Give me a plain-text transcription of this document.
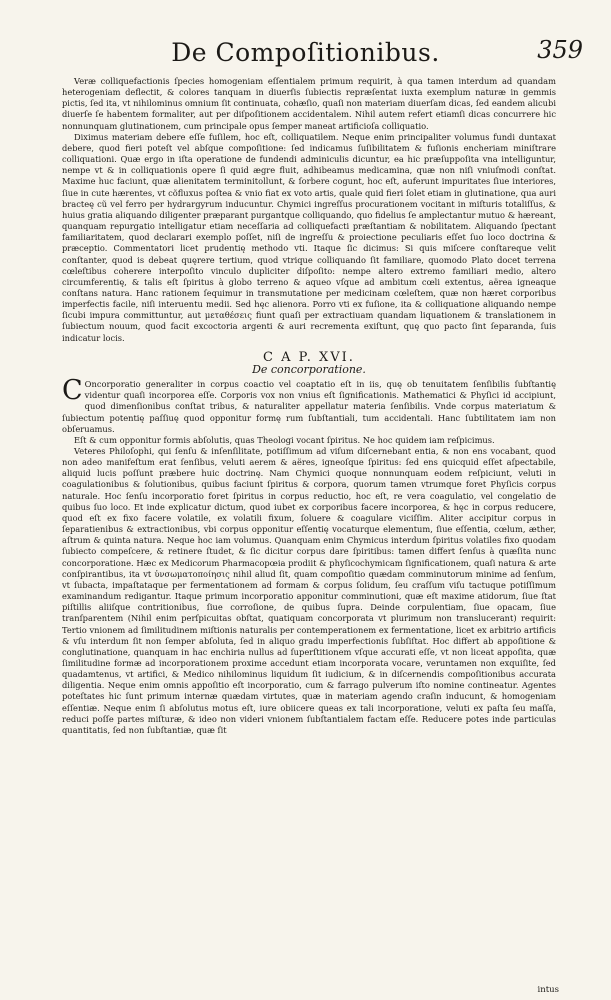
De Compoſitionibus.	359

Veræ colliquefactionis ſpecies homogeniam eſſentialem primum requirit, à qua tamen interdum ad quandam heterogeniam deflectit, & colores tanquam in diuerſis ſubiectis repræſentat iuxta exemplum naturæ in gemmis pictis, ſed ita, vt nihilominus omnium ſit continuata, cohæſio, quaſi non materiam diuerſam dicas, ſed eandem alicubi diuerſe ſe habentem formaliter, aut per diſpoſitionem accidentalem. Nihil autem refert etiamſi dicas concurrere hic nonnunquam glutinationem, cum principale opus ſemper maneat artificioſa colliquatio.

Diximus materiam debere eſſe fuſilem, hoc eſt, colliquatilem. Neque enim principaliter volumus fundi duntaxat debere, quod fieri poteſt vel abſque compoſitione: ſed indicamus ſuſibilitatem & fuſionis encheriam miniſtrare colliquationi. Quæ ergo in iſta operatione de fundendi adminiculis dicuntur, ea hic præſuppoſita vna intelliguntur, nempe vt & in colliquationis opere ſi quid ægre fluit, adhibeamus medicamina, quæ non niſi vniuſmodi conſtat. Maxime huc faciunt, quæ alienitatem terminitollunt, & ſorbere cogunt, hoc eſt, auferunt impuritates ſiue interiores, ſiue in cute hærentes, vt cõfluxus poſtea & vnio fiat ex voto artis, quale quid fieri ſolet etiam in glutinatione, qua auri bracteę cũ vel ferro per hydrargyrum inducuntur. Chymici ingreſſus procurationem vocitant in miſturis totaliſſus, & huius gratia aliquando diligenter præparant purgantque colliquando, quo fidelius ſe amplectantur mutuo & hæreant, quanquam repurgatio intelligatur etiam neceſſaria ad colliquefacti præſtantiam & nobilitatem. Aliquando ſpectant familiaritatem, quod declarari exemplo poſſet, niſi de ingreſſu & proiectione peculiaris eſſet ſuo loco doctrina & præceptio. Commentatori licet prudentię methodo vti. Itaque ſic dicimus: Si quis miſcere conſtareque velit conſtanter, quod is debeat quęrere tertium, quod vtrique colliquando ſit familiare, quomodo Plato docet terrena cœleſtibus coherere interpoſito vinculo dupliciter diſpoſito: nempe altero extremo familiari medio, altero circumferentię, & talis eſt ſpiritus à globo terreno & aqueo vſque ad ambitum cœli extentus, aërea igneaque conſtans natura. Hanc rationem ſequimur in transmutatione per medicinam cœleſtem, quæ non hæret corporibus imperfectis facile, niſi interuentu medii. Sed hęc alienora. Porro vti ex fuſione, ita & colliquatione aliquando nempe ſicubi impura committuntur, aut μεταθέσεις fiunt quaſi per extractiuam quandam liquationem & translationem in ſubiectum nouum, quod facit excoctoria argenti & auri recrementa exiſtunt, quę quo pacto ſint ſeparanda, ſuis indicatur locis.

C A P. XVI.
De concorporatione.

C Oncorporatio generaliter in corpus coactio vel coaptatio eſt in iis, quę ob tenuitatem ſenſibilis ſubſtantię videntur quaſi incorporea eſſe. Corporis vox non vnius eſt ſignificationis. Mathematici & Phyſici id accipiunt, quod dimenſionibus conſtat tribus, & naturaliter appellatur materia ſenſibilis. Vnde corpus materiatum & ſubiectum potentię paſſiuę quod opponitur formę rum ſubſtantiali, tum accidentali. Hanc ſubtilitatem iam non obſeruamus.

Eſt & cum opponitur formis abſolutis, quas Theologi vocant ſpiritus. Ne hoc quidem iam reſpicimus.

Veteres Philoſophi, qui ſenſu & inſenſilitate, potiſſimum ad viſum diſcernebant entia, & non ens vocabant, quod non adeo manifeſtum erat ſenſibus, veluti aerem & aëres, igneoſque ſpiritus: ſed ens quicquid eſſet aſpectabile, aliquid lucis poſſunt præbere huic doctrinę. Nam Chymici quoque nonnunquam eodem reſpiciunt, veluti in coagulationibus & ſolutionibus, quibus faciunt ſpiritus & corpora, quorum tamen vtrumque foret Phyſicis corpus naturale. Hoc ſenſu incorporatio foret ſpiritus in corpus reductio, hoc eſt, re vera coagulatio, vel congelatio de quibus ſuo loco. Et inde explicatur dictum, quod iubet ex corporibus facere incorporea, & hęc in corpus reducere, quod eſt ex fixo facere volatile, ex volatili fixum, ſoluere & coagulare viciſſim. Aliter accipitur corpus in ſeparatienibus & extractionibus, vbi corpus opponitur eſſentię vocaturque elementum, ſiue eſſentia, cœlum, æther, aſtrum & quinta natura. Neque hoc iam volumus. Quanquam enim Chymicus interdum ſpiritus volatiles fixo quodam ſubiecto compeſcere, & retinere ſtudet, & ſic dicitur corpus dare ſpiritibus: tamen differt ſenſus à quæſita nunc concorporatione. Hæc ex Medicorum Pharmacopœia prodiit & phyſicochymicam ſignificationem, quaſi natura & arte conſpirantibus, ita vt ὑνσωματοποίησις nihil aliud ſit, quam compoſitio quædam comminutorum minime ad ſenſum, vt ſubacta, impaſtataque per fermentationem ad formam & corpus ſolidum, ſeu craſſum viſu tactuque potiſſimum examinandum redigantur. Itaque primum incorporatio apponitur comminutioni, quæ eſt maxime atidorum, ſiue ſtat piſtillis aliiſque contritionibus, ſiue corroſione, de quibus ſupra. Deinde corpulentiam, ſiue opacam, ſiue tranſparentem (Nihil enim perſpicuitas obſtat, quatiquam concorporata vt plurimum non translucerant) requirit: Tertio vnionem ad ſimilitudinem miſtionis naturalis per contemperationem ex fermentatione, licet ex arbitrio artificis & vſu interdum ſit non ſemper abſoluta, ſed in aliquo gradu imperfectionis ſubſiſtat. Hoc differt ab appoſitione & conglutinatione, quanquam in hac enchiria nullus ad ſuperſtitionem vſque accurati eſſe, vt non liceat appoſita, quæ ſimilitudine formæ ad incorporationem proxime accedunt etiam incorporata vocare, veruntamen non exquiſite, ſed quadamtenus, vt artifici, & Medico nihilominus liquidum ſit iudicium, & in diſcernendis compoſitionibus accurata diligentia. Neque enim omnis appoſitio eſt incorporatio, cum & farrago pulverum iſto nomine contineatur. Agentes poteſtates hic ſunt primum internæ quædam virtutes, quæ in materiam agendo craſin inducunt, & homogeniam eſſentiæ. Neque enim ſi abſolutus motus eſt, iure obiicere queas ex tali incorporatione, veluti ex paſta ſeu maſſa, reduci poſſe partes miſturæ, & ideo non videri vnionem ſubſtantialem factam eſſe. Reducere potes inde particulas quantitatis, ſed non ſubſtantiæ, quæ ſit

intus
